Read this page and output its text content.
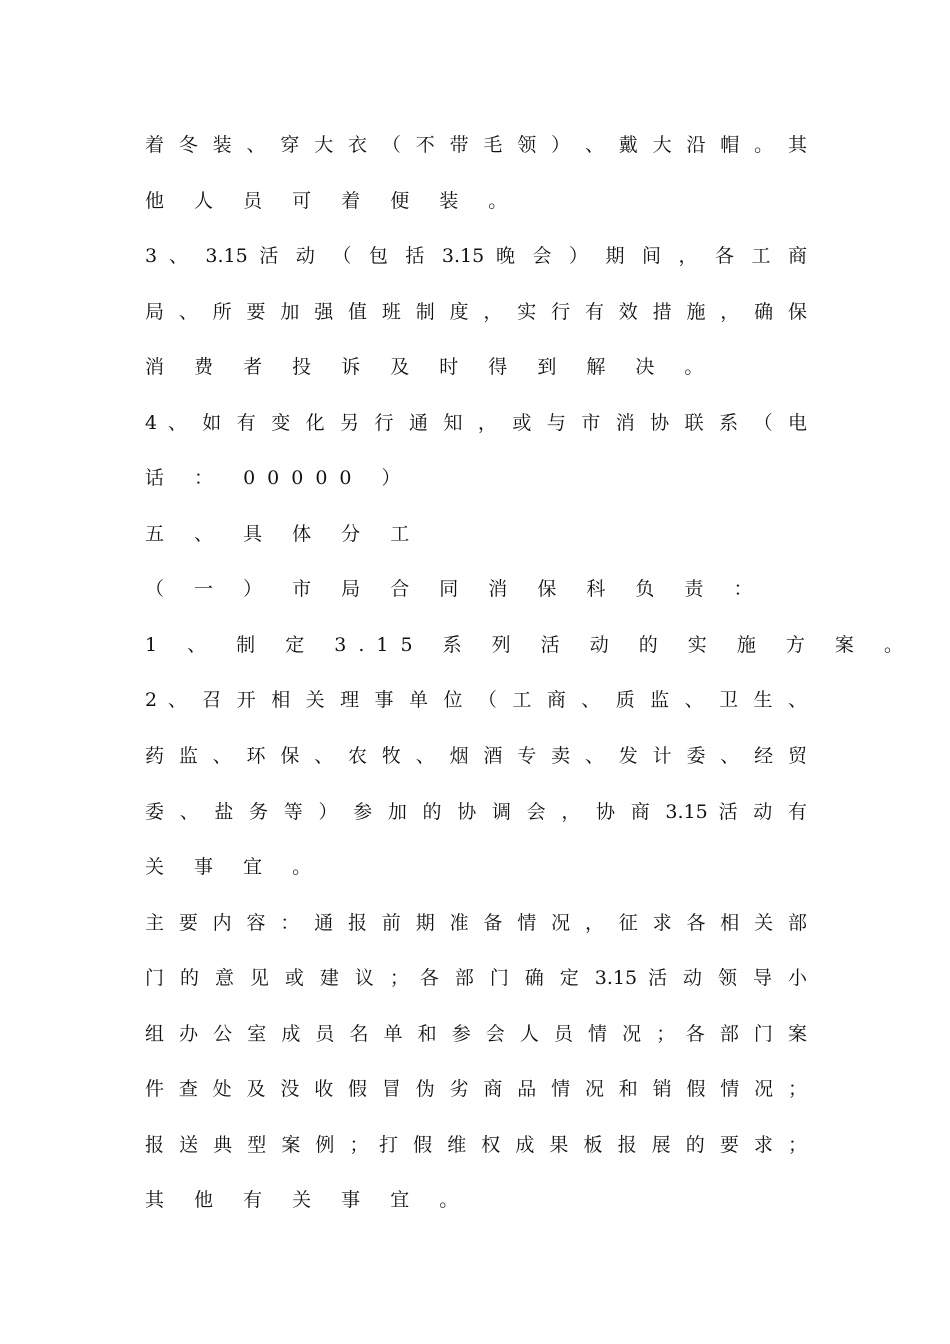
着 冬 装 、 穿 大 衣 （ 不 带 毛 领 ） 、 戴 大 沿 帽 。 其
他 人 员 可 着 便 装 。
3 、 3.15 活 动 （ 包 括 3.15 晚 会 ） 期 间 ， 各 工 商
局 、 所 要 加 强 值 班 制 度 ， 实 行 有 效 措 施 ， 确 保
消 费 者 投 诉 及 时 得 到 解 决 。
4 、 如 有 变 化 另 行 通 知 ， 或 与 市 消 协 联 系 （ 电
话 ： 00000 ）
五 、 具 体 分 工
（ 一 ） 市 局 合 同 消 保 科 负 责 ：
1 、 制 定 3.15 系 列 活 动 的 实 施 方 案 。
2 、 召 开 相 关 理 事 单 位 （ 工 商 、 质 监 、 卫 生 、
药 监 、 环 保 、 农 牧 、 烟 酒 专 卖 、 发 计 委 、 经 贸
委 、 盐 务 等 ） 参 加 的 协 调 会 ， 协 商 3.15 活 动 有
关 事 宜 。
主 要 内 容 ： 通 报 前 期 准 备 情 况 ， 征 求 各 相 关 部
门 的 意 见 或 建 议 ； 各 部 门 确 定 3.15 活 动 领 导 小
组 办 公 室 成 员 名 单 和 参 会 人 员 情 况 ； 各 部 门 案
件 查 处 及 没 收 假 冒 伪 劣 商 品 情 况 和 销 假 情 况 ；
报 送 典 型 案 例 ； 打 假 维 权 成 果 板 报 展 的 要 求 ；
其 他 有 关 事 宜 。
